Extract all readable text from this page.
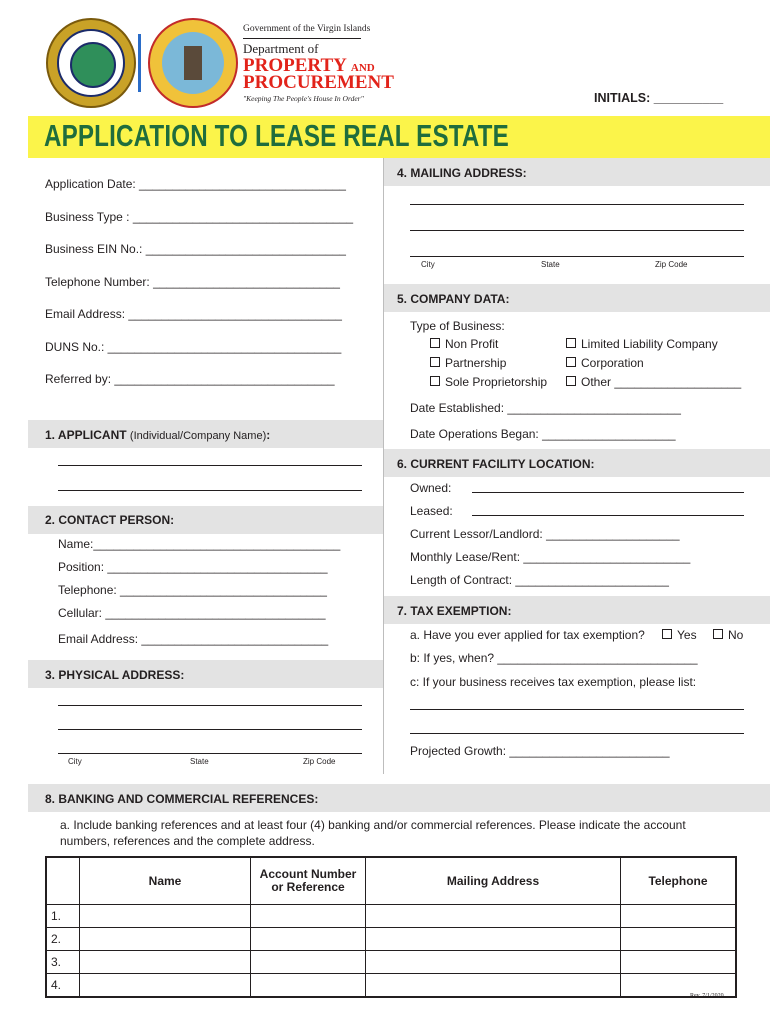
Government of the Virgin Islands
Department of
PROPERTY AND
PROCUREMENT
"Keeping The People's House In Order"	INITIALS: __________
APPLICATION TO LEASE REAL ESTATE
Application Date: _______________________________
Business Type : _________________________________
Business EIN No.: ______________________________
Telephone Number: ____________________________
Email Address: ________________________________
DUNS No.: ___________________________________
Referred by: _________________________________
1. APPLICANT (Individual/Company Name):
2. CONTACT PERSON:
Name:_____________________________________
Position: _________________________________
Telephone: _______________________________
Cellular: _________________________________
Email Address: ____________________________
3. PHYSICAL ADDRESS:
City	State	Zip Code
4. MAILING ADDRESS:
City	State	Zip Code
5. COMPANY DATA:
Type of Business:
Non Profit
Partnership
Sole Proprietorship
Limited Liability Company
Corporation
Other ___________________
Date Established: __________________________
Date Operations Began: ____________________
6. CURRENT FACILITY LOCATION:
Owned:
Leased:
Current Lessor/Landlord: ____________________
Monthly Lease/Rent: _________________________
Length of Contract: _______________________
7. TAX EXEMPTION:
a. Have you ever applied for tax exemption?	Yes	No
b: If yes, when? ______________________________
c: If your business receives tax exemption, please list:
Projected Growth: ________________________
8. BANKING AND COMMERCIAL REFERENCES:
a. Include banking references and at least four (4) banking and/or commercial references. Please indicate the account
numbers, references and the complete address.
	Name	Account Number or Reference	Mailing Address	Telephone
1.				
2.				
3.				
4.				
Rev. 7/1/2020
